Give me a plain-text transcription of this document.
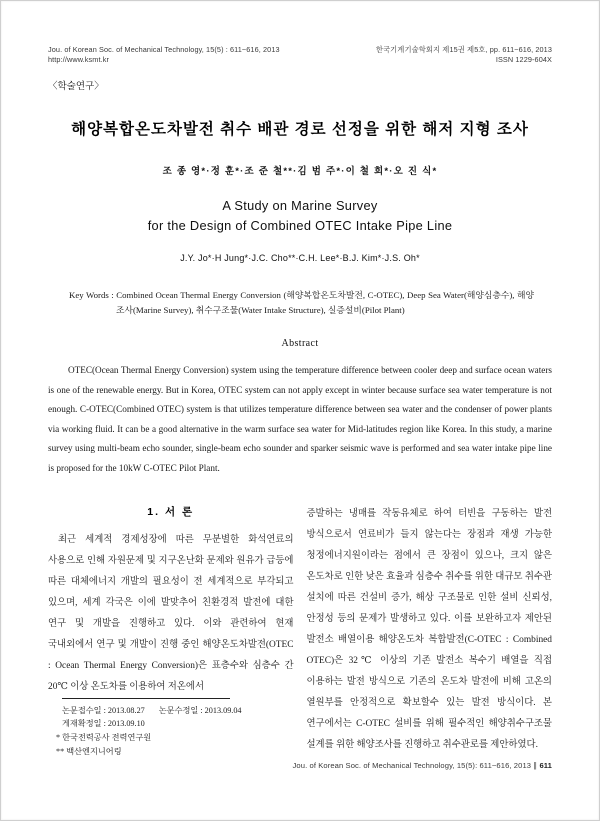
Jou. of Korean Soc. of Mechanical Technology, 15(5) : 611~616, 2013
http://www.ksmt.kr
한국기계기술학회지 제15권 제5호, pp. 611~616, 2013
ISSN 1229-604X
〈학술연구〉
해양복합온도차발전 취수 배관 경로 선정을 위한 해저 지형 조사
조 종 영*·정 훈*·조 준 철**·김 범 주*·이 철 희*·오 진 식*
A Study on Marine Survey
for the Design of Combined OTEC Intake Pipe Line
J.Y. Jo*·H Jung*·J.C. Cho**·C.H. Lee*·B.J. Kim*·J.S. Oh*

Key Words : Combined Ocean Thermal Energy Conversion (해양복합온도차발전, C-OTEC), Deep Sea Water(해양심층수), 해양 조사(Marine Survey), 취수구조물(Water Intake Structure), 실증설비(Pilot Plant)

Abstract

OTEC(Ocean Thermal Energy Conversion) system using the temperature difference between cooler deep and surface ocean waters is one of the renewable energy. But in Korea, OTEC system can not apply except in winter because surface sea water temperature is not enough. C-OTEC(Combined OTEC) system is that utilizes temperature difference between sea water and the condenser of power plants via working fluid. It can be a good alternative in the warm surface sea water for Mid-latitudes region like Korea. In this study, a marine survey using multi-beam echo sounder, single-beam echo sounder and sparker seismic wave is performed and sea water intake pipe line is proposed for the 10kW C-OTEC Pilot Plant.

1. 서 론

최근 세계적 경제성장에 따른 무분별한 화석연료의 사용으로 인해 자원문제 및 지구온난화 문제와 원유가 급등에 따른 대체에너지 개발의 필요성이 전 세계적으로 부각되고 있으며, 세계 각국은 이에 발맞추어 친환경적 발전에 대한 연구 및 개발을 진행하고 있다. 이와 관련하여 현재 국내외에서 연구 및 개발이 진행 중인 해양온도차발전(OTEC : Ocean Thermal Energy Conversion)은 표층수와 심층수 간 20℃ 이상 온도차를 이용하여 저온에서

논문접수일 : 2013.08.27 논문수정일 : 2013.09.04
게재확정일 : 2013.09.10
* 한국전력공사 전력연구원
** 백산엔지니어링

증발하는 냉매를 작동유체로 하여 터빈을 구동하는 발전 방식으로서 연료비가 들지 않는다는 장점과 재생 가능한 청정에너지원이라는 점에서 큰 장점이 있으나, 크지 않은 온도차로 인한 낮은 효율과 심층수 취수를 위한 대규모 취수관 설치에 따른 건설비 증가, 해상 구조물로 인한 설비 신뢰성, 안정성 등의 문제가 발생하고 있다. 이를 보완하고자 제안된 발전소 배열이용 해양온도차 복합발전(C-OTEC : Combined OTEC)은 32℃ 이상의 기존 발전소 복수기 배열을 직접 이용하는 발전 방식으로 기존의 온도차 발전에 비해 고온의 열원부를 안정적으로 확보할수 있는 발전 방식이다. 본 연구에서는 C-OTEC 설비를 위해 필수적인 해양취수구조물 설계를 위한 해양조사를 진행하고 취수관로를 제안하였다.

Jou. of Korean Soc. of Mechanical Technology, 15(5): 611~616, 2013 ∥ 611
